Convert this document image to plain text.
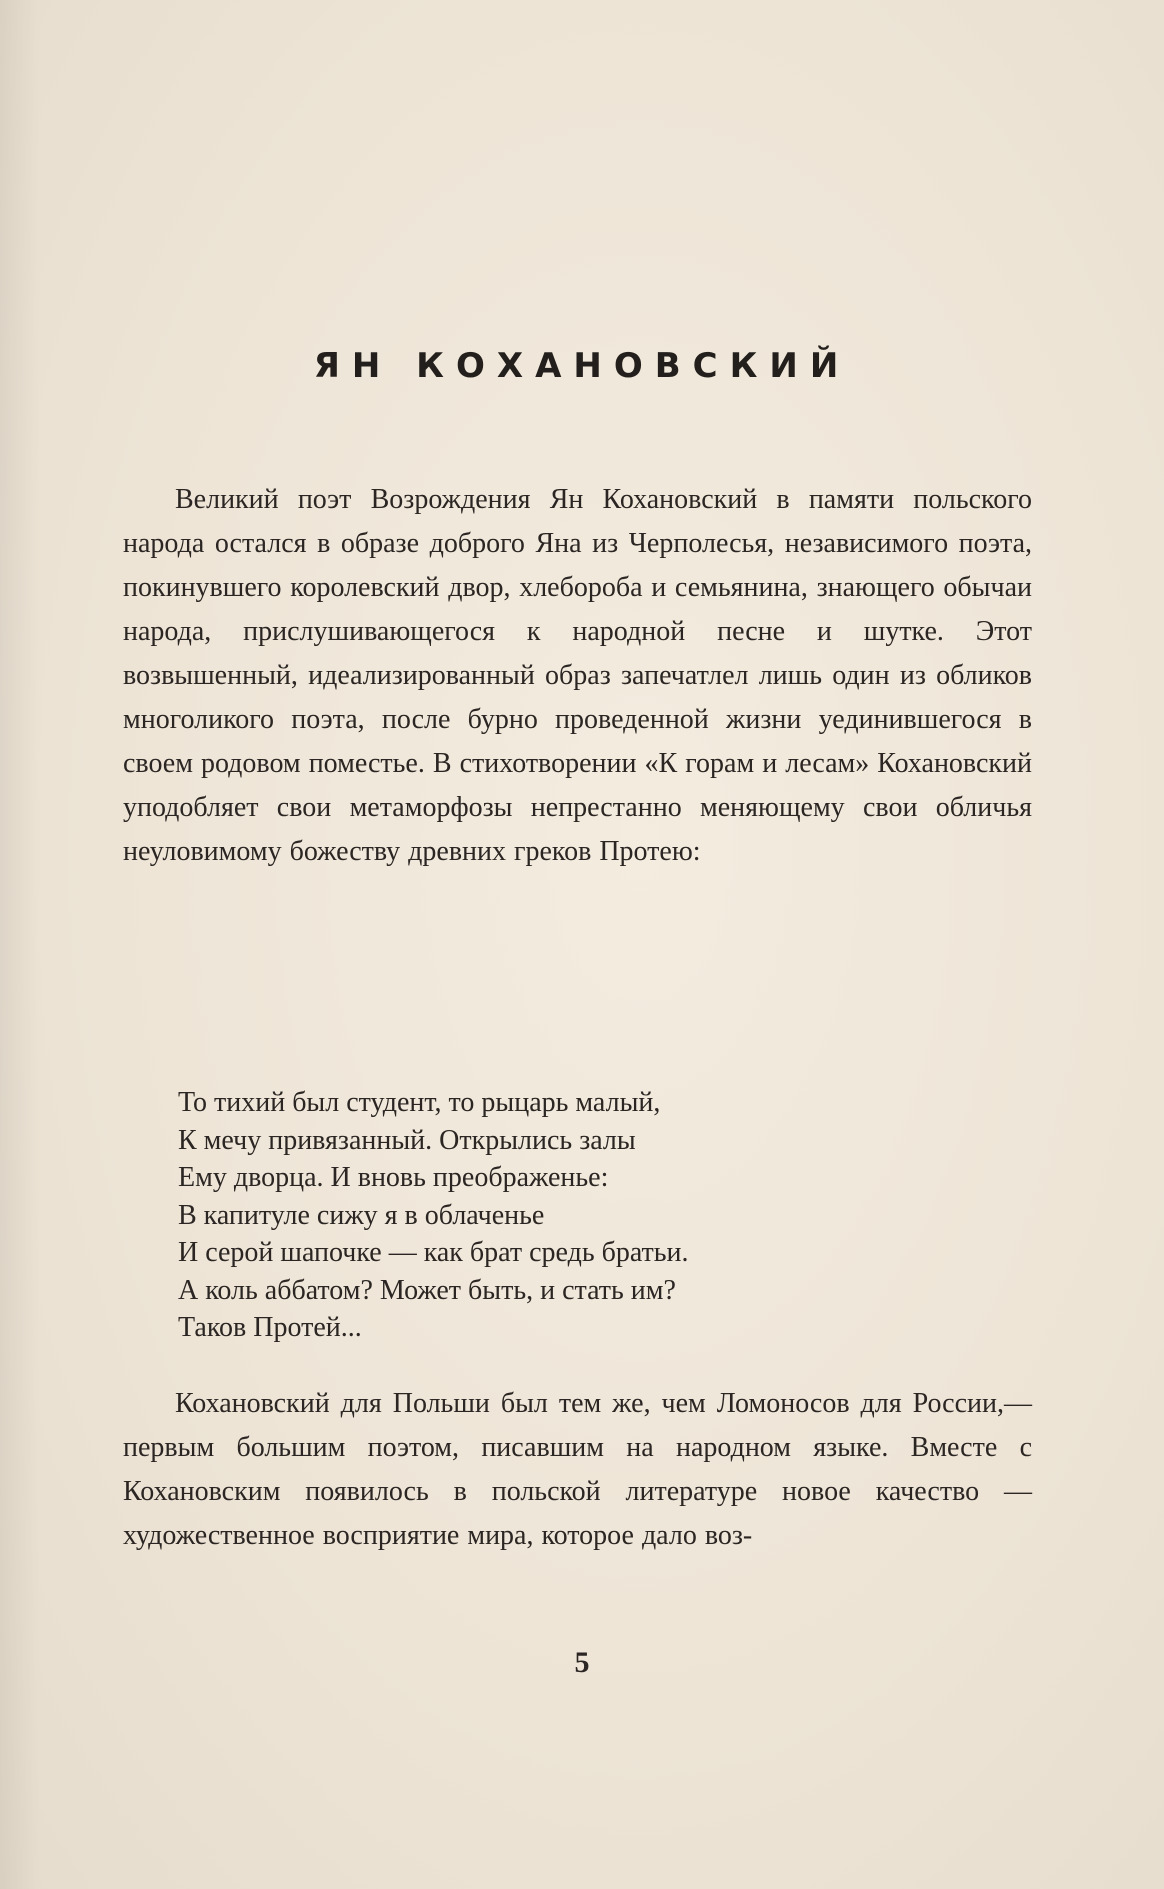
ЯН КОХАНОВСКИЙ

Великий поэт Возрождения Ян Кохановский в памяти польского народа остался в образе доброго Яна из Черполесья, независимого поэта, покинувшего королевский двор, хлебороба и семьянина, знающего обычаи народа, прислушивающегося к народной песне и шутке. Этот возвышенный, идеализированный образ запечатлел лишь один из обликов многоликого поэта, после бурно проведенной жизни уединившегося в своем родовом поместье. В стихотворении «К горам и лесам» Кохановский уподобляет свои метаморфозы непрестанно меняющему свои обличья неуловимому божеству древних греков Протею:

То тихий был студент, то рыцарь малый,
К мечу привязанный. Открылись залы
Ему дворца. И вновь преображенье:
В капитуле сижу я в облаченье
И серой шапочке — как брат средь братьи.
А коль аббатом? Может быть, и стать им?
Таков Протей...

Кохановский для Польши был тем же, чем Ломоносов для России,— первым большим поэтом, писавшим на народном языке. Вместе с Кохановским появилось в польской литературе новое качество — художественное восприятие мира, которое дало воз-

5
